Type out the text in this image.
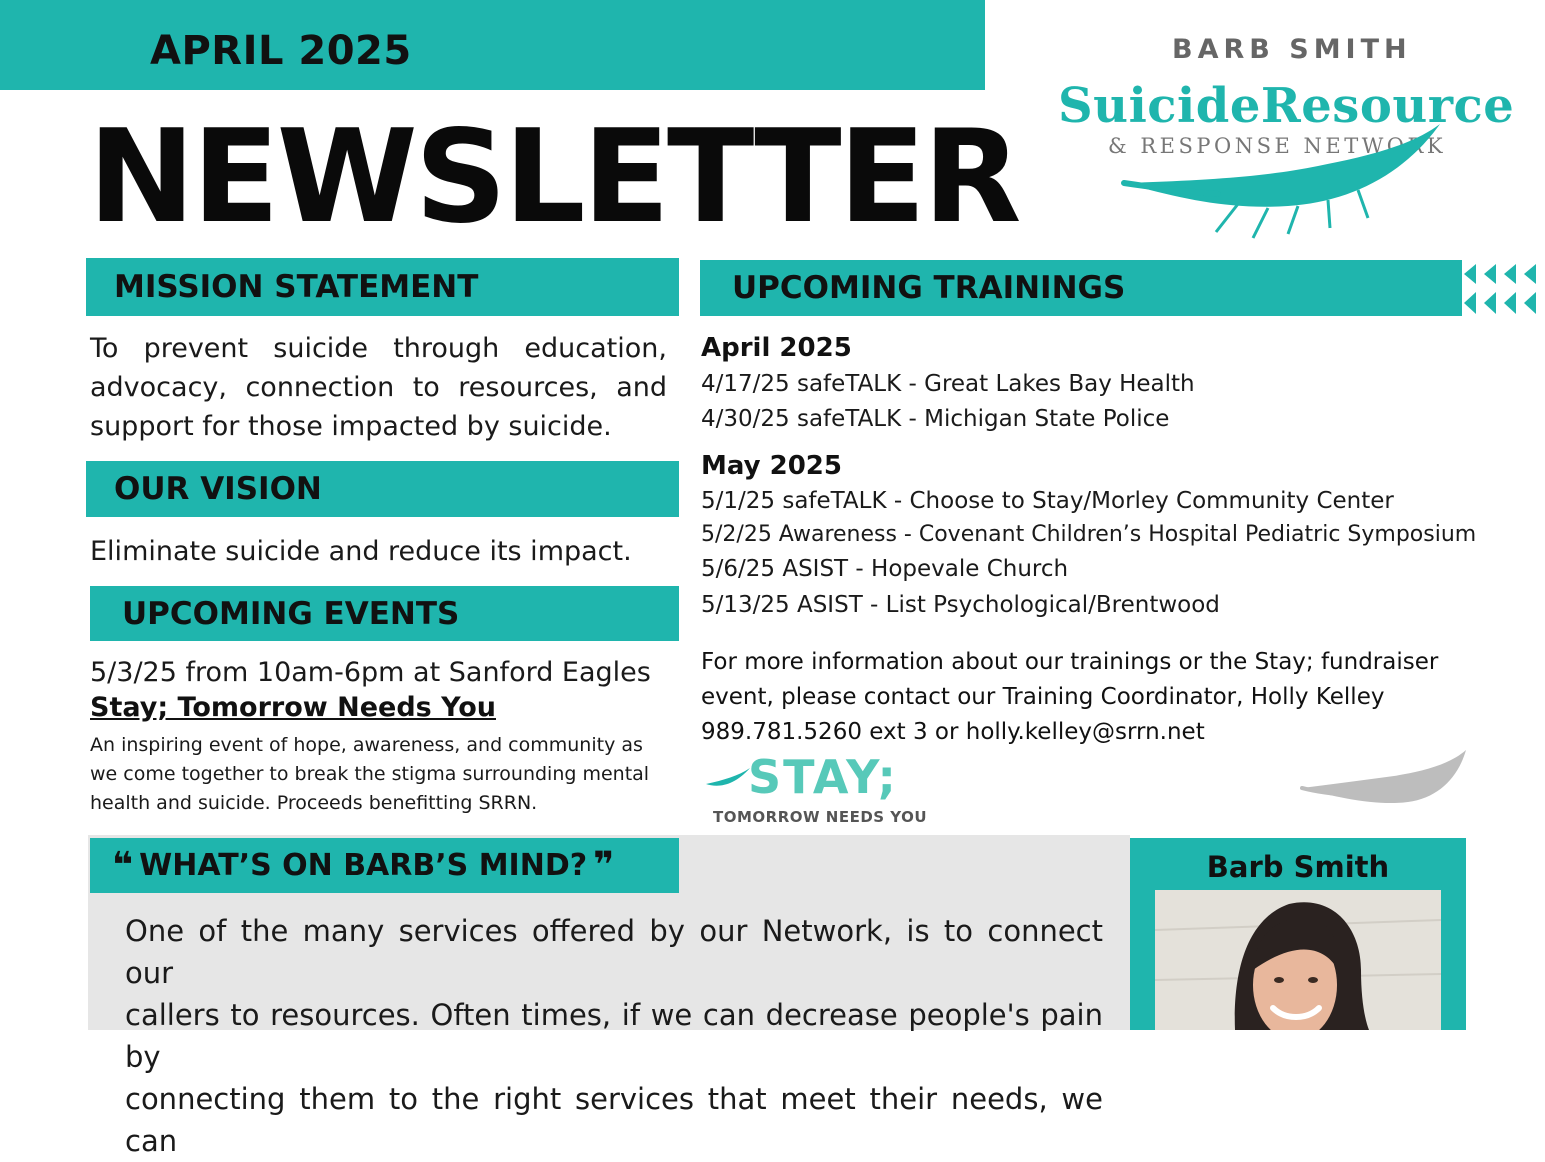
APRIL 2025
NEWSLETTER
BARB SMITH
SuicideResource
& RESPONSE NETWORK
MISSION STATEMENT
To prevent suicide through education,
advocacy, connection to resources, and
support for those impacted by suicide.
OUR VISION
Eliminate suicide and reduce its impact.
UPCOMING EVENTS
5/3/25 from 10am-6pm at Sanford Eagles
Stay; Tomorrow Needs You
An inspiring event of hope, awareness, and community as
we come together to break the stigma surrounding mental
health and suicide. Proceeds benefitting SRRN.
UPCOMING TRAININGS
April 2025
4/17/25 safeTALK - Great Lakes Bay Health
4/30/25 safeTALK - Michigan State Police
May 2025
5/1/25 safeTALK - Choose to Stay/Morley Community Center
5/2/25 Awareness - Covenant Children’s Hospital Pediatric Symposium
5/6/25 ASIST - Hopevale Church
5/13/25 ASIST - List Psychological/Brentwood
For more information about our trainings or the Stay; fundraiser
event, please contact our Training Coordinator, Holly Kelley
989.781.5260 ext 3 or holly.kelley@srrn.net
STAY;
TOMORROW NEEDS YOU
❝ WHAT’S ON BARB’S MIND? ❞
One of the many services offered by our Network, is to connect our
callers to resources. Often times, if we can decrease people's pain by
connecting them to the right services that meet their needs, we can
Barb Smith
